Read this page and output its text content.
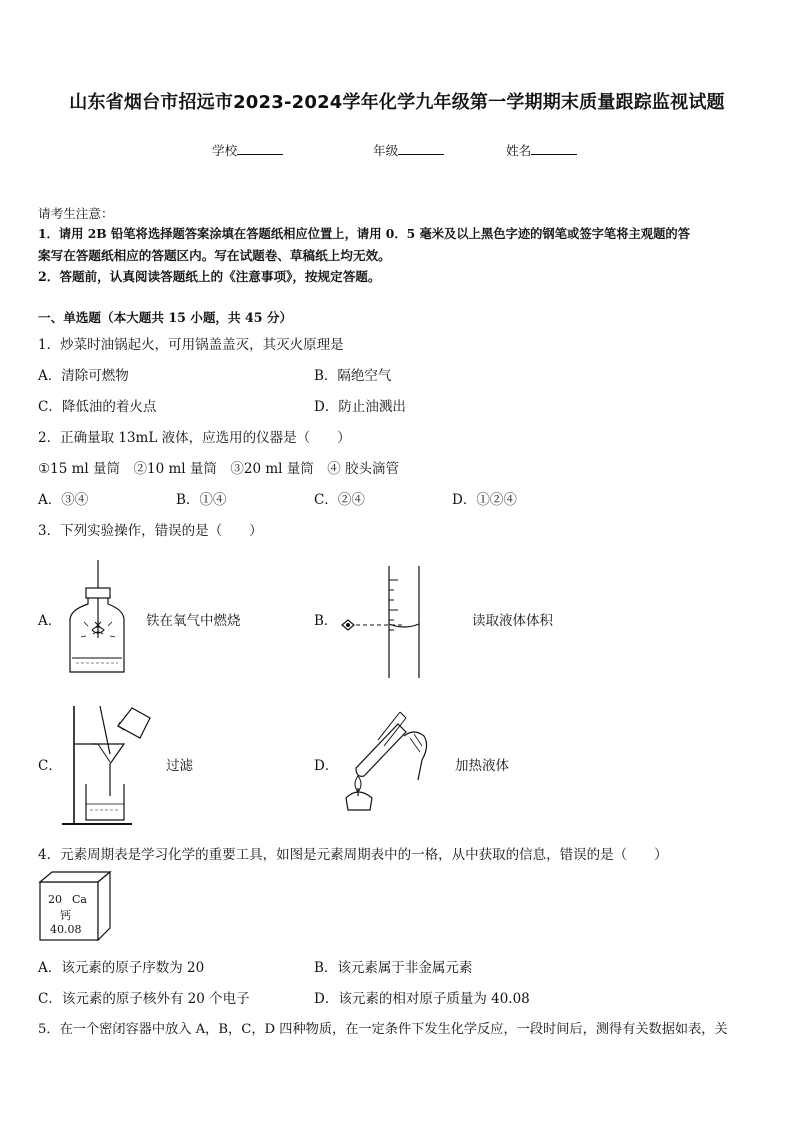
山东省烟台市招远市2023-2024学年化学九年级第一学期期末质量跟踪监视试题
学校	年级	姓名
请考生注意：
1．请用 2B 铅笔将选择题答案涂填在答题纸相应位置上，请用 0．5 毫米及以上黑色字迹的钢笔或签字笔将主观题的答
案写在答题纸相应的答题区内。写在试题卷、草稿纸上均无效。
2．答题前，认真阅读答题纸上的《注意事项》，按规定答题。
一、单选题（本大题共 15 小题，共 45 分）
1．炒菜时油锅起火，可用锅盖盖灭，其灭火原理是
A．清除可燃物	B．隔绝空气
C．降低油的着火点	D．防止油溅出
2．正确量取 13mL 液体，应选用的仪器是（　　）
①15 ml 量筒　②10 ml 量筒　③20 ml 量筒　④ 胶头滴管
A．③④	B．①④	C．②④	D．①②④
3．下列实验操作，错误的是（　　）
A．	铁在氧气中燃烧	B．	读取液体体积
C．	过滤	D．	加热液体
4．元素周期表是学习化学的重要工具，如图是元素周期表中的一格，从中获取的信息，错误的是（　　）
20 Ca
钙
40.08
A．该元素的原子序数为 20	B．该元素属于非金属元素
C．该元素的原子核外有 20 个电子	D．该元素的相对原子质量为 40.08
5．在一个密闭容器中放入 A，B，C，D 四种物质，在一定条件下发生化学反应，一段时间后，测得有关数据如表，关
